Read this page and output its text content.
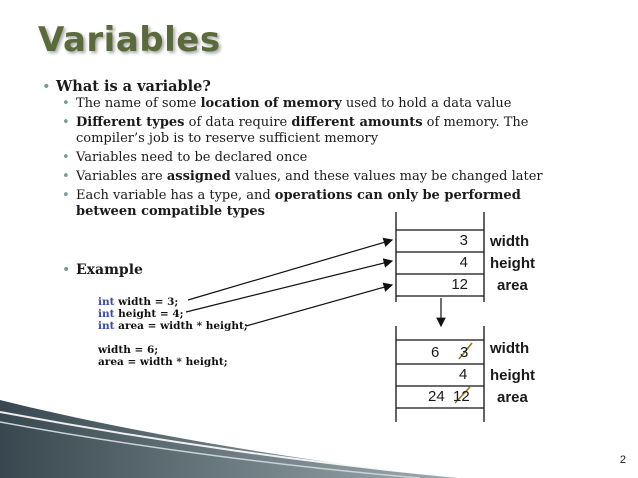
Variables
• What is a variable?
• The name of some location of memory used to hold a data value
• Different types of data require different amounts of memory. The
compiler’s job is to reserve sufficient memory
• Variables need to be declared once
• Variables are assigned values, and these values may be changed later
• Each variable has a type, and operations can only be performed
between compatible types
• Example
int width = 3;
int height = 4;
int area = width * height;
width = 6;
area = width * height;
3
4
12
width
height
area
6 3
4
24 12
width
height
area
2
